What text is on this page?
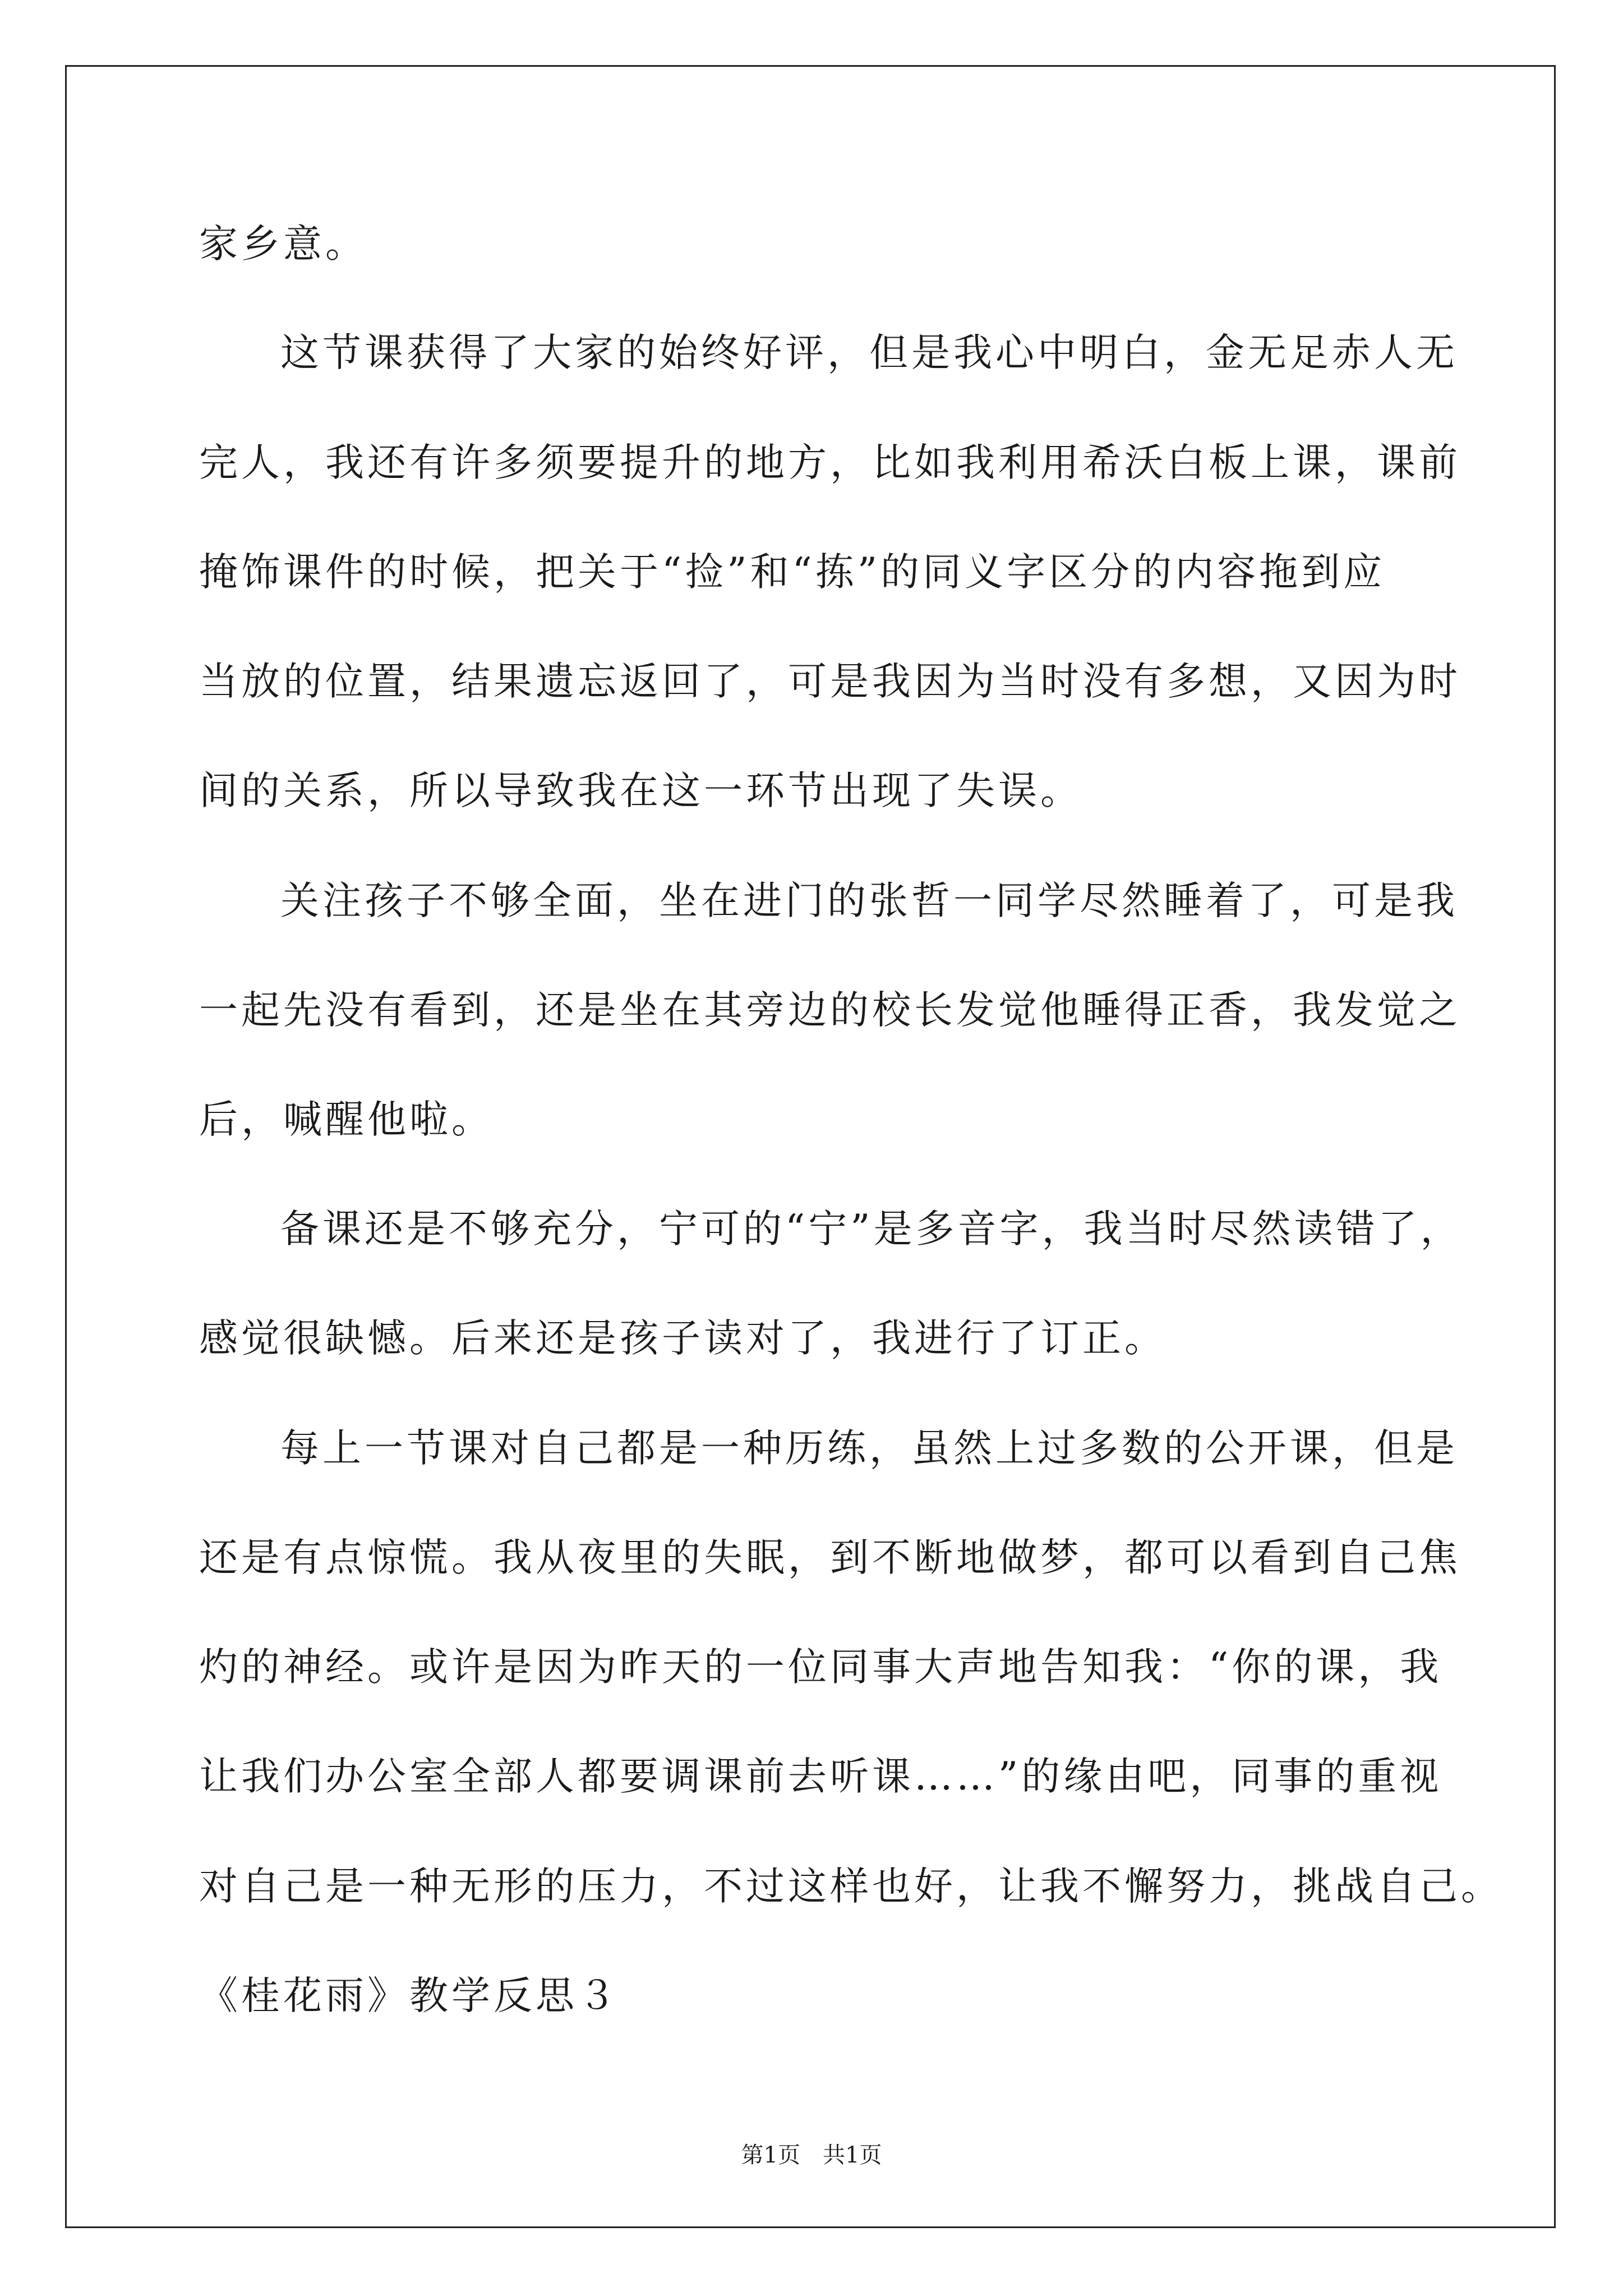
家乡意。
这节课获得了大家的始终好评，但是我心中明白，金无足赤人无
完人，我还有许多须要提升的地方，比如我利用希沃白板上课，课前
掩饰课件的时候，把关于“捡”和“拣”的同义字区分的内容拖到应
当放的位置，结果遗忘返回了，可是我因为当时没有多想，又因为时
间的关系，所以导致我在这一环节出现了失误。
关注孩子不够全面，坐在进门的张哲一同学尽然睡着了，可是我
一起先没有看到，还是坐在其旁边的校长发觉他睡得正香，我发觉之
后，喊醒他啦。
备课还是不够充分，宁可的“宁”是多音字，我当时尽然读错了，
感觉很缺憾。后来还是孩子读对了，我进行了订正。
每上一节课对自己都是一种历练，虽然上过多数的公开课，但是
还是有点惊慌。我从夜里的失眠，到不断地做梦，都可以看到自己焦
灼的神经。或许是因为昨天的一位同事大声地告知我：“你的课，我
让我们办公室全部人都要调课前去听课……”的缘由吧，同事的重视
对自己是一种无形的压力，不过这样也好，让我不懈努力，挑战自己。
《桂花雨》教学反思３
第1页　共1页
